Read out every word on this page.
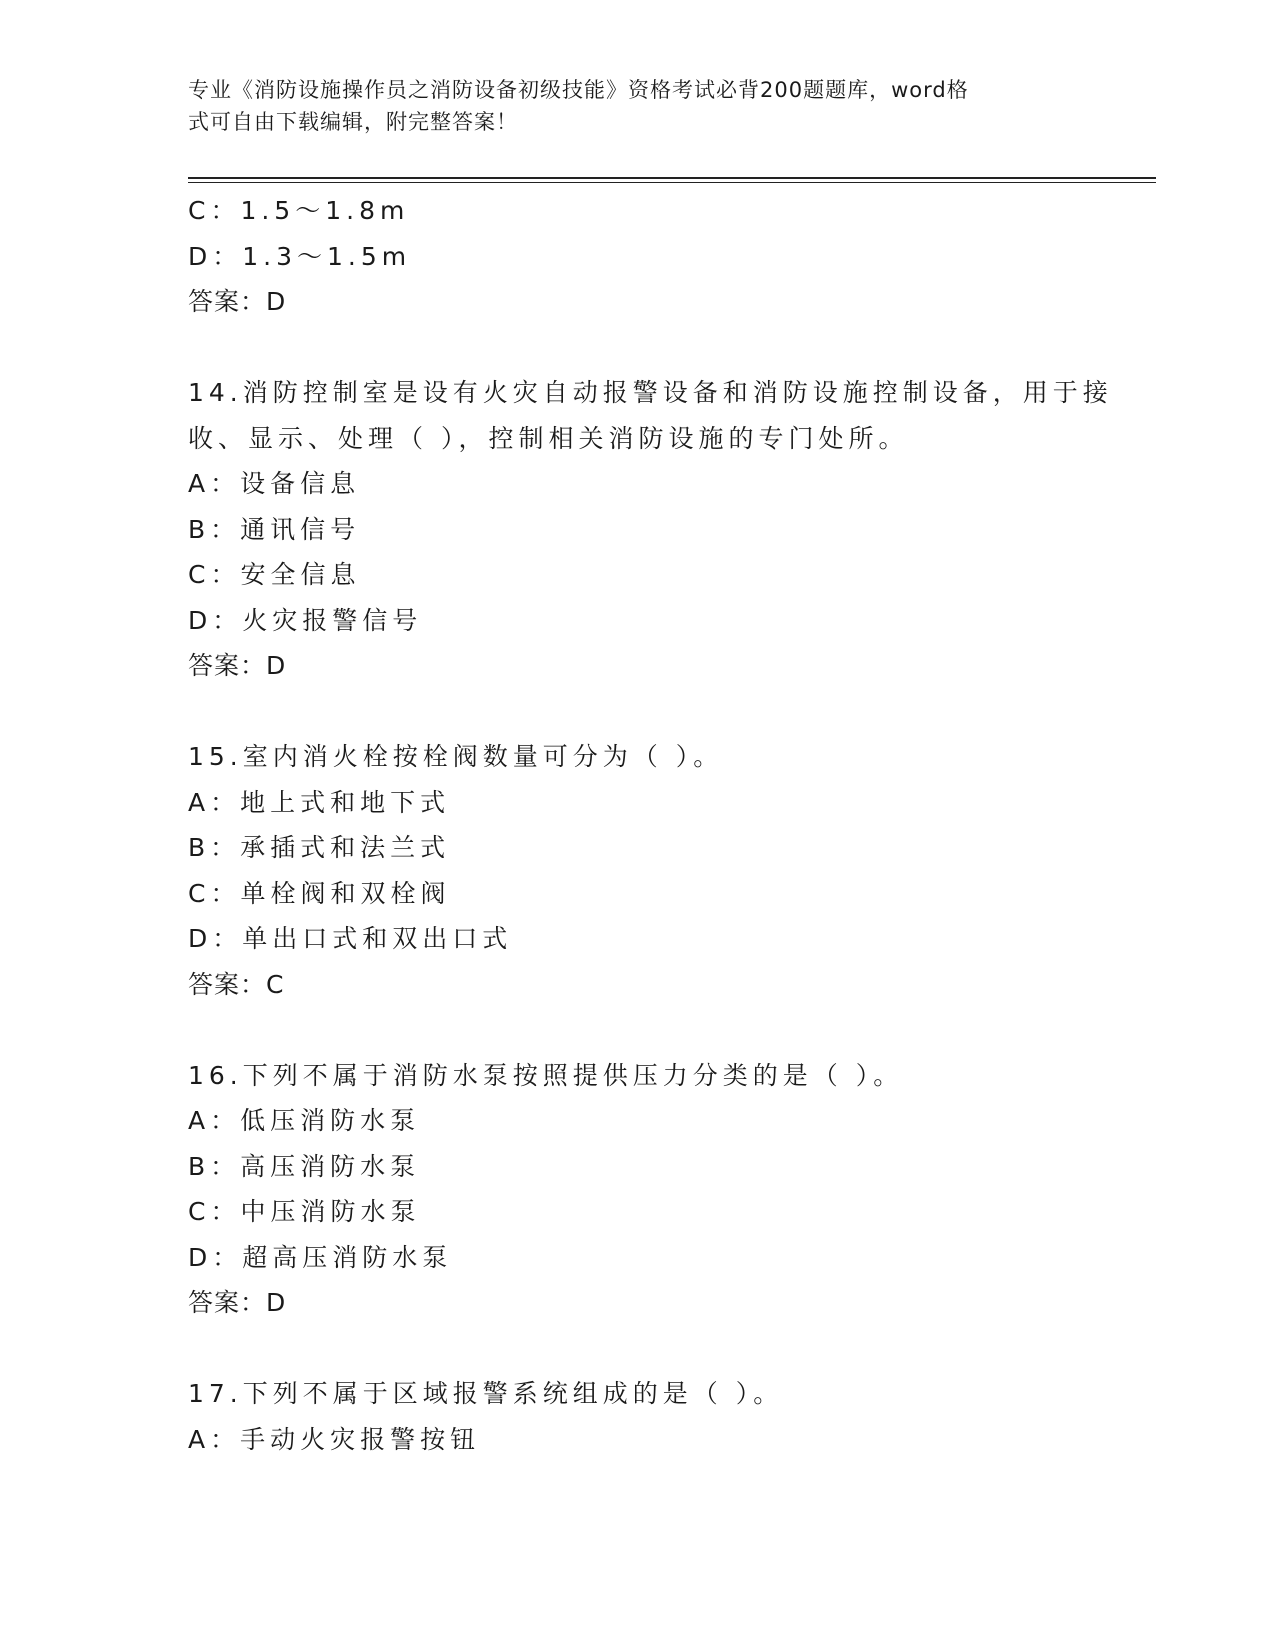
专业《消防设施操作员之消防设备初级技能》资格考试必背200题题库，word格
式可自由下载编辑，附完整答案！
C：1.5～1.8m
D：1.3～1.5m
答案：D
14.消防控制室是设有火灾自动报警设备和消防设施控制设备，用于接
收、显示、处理（ ），控制相关消防设施的专门处所。
A：设备信息
B：通讯信号
C：安全信息
D：火灾报警信号
答案：D
15.室内消火栓按栓阀数量可分为（ ）。
A：地上式和地下式
B：承插式和法兰式
C：单栓阀和双栓阀
D：单出口式和双出口式
答案：C
16.下列不属于消防水泵按照提供压力分类的是（ ）。
A：低压消防水泵
B：高压消防水泵
C：中压消防水泵
D：超高压消防水泵
答案：D
17.下列不属于区域报警系统组成的是（ ）。
A：手动火灾报警按钮
